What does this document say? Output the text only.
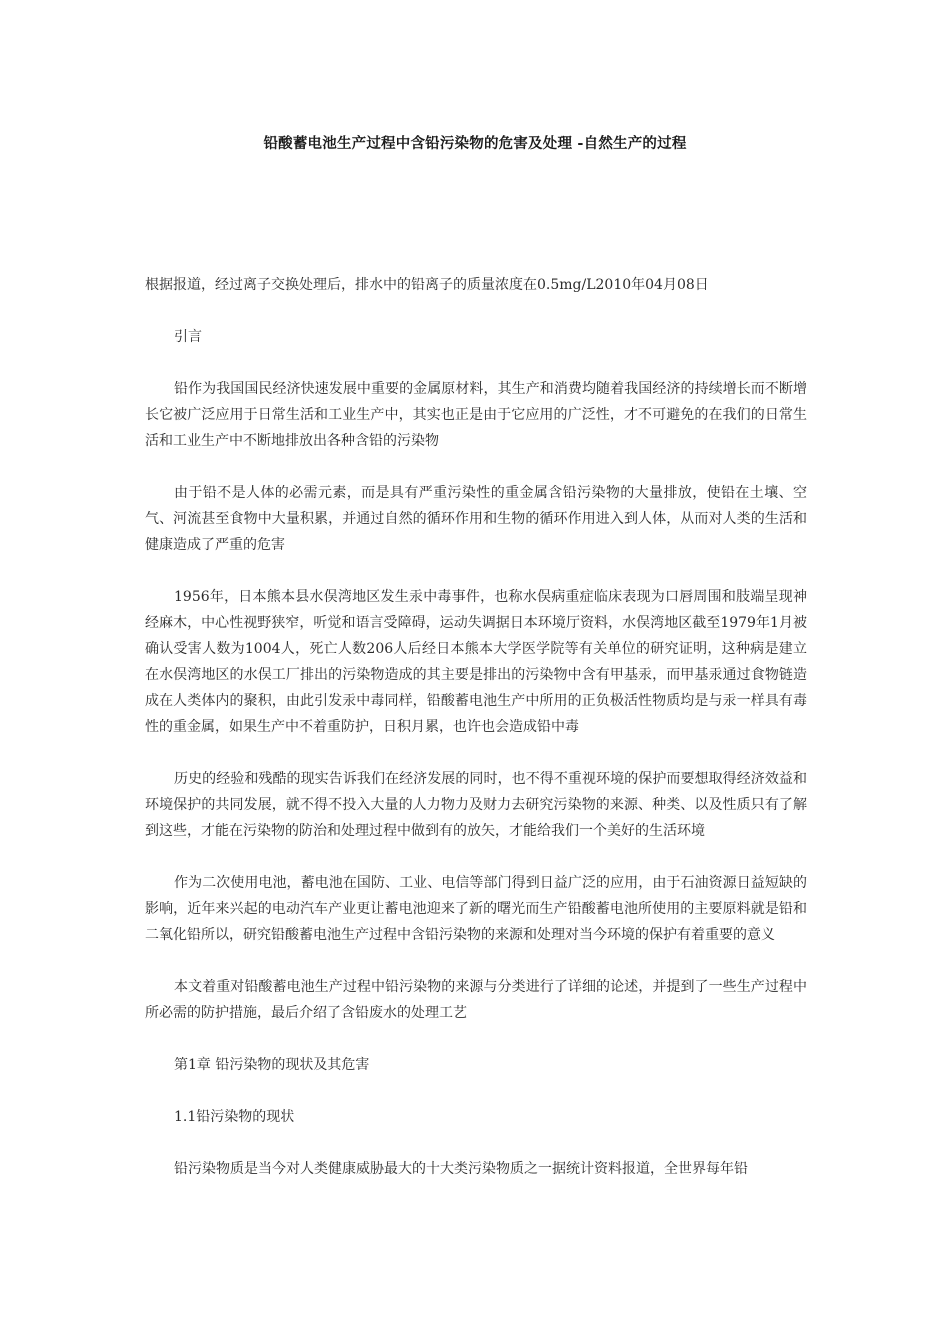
铅酸蓄电池生产过程中含铅污染物的危害及处理 -自然生产的过程

根据报道，经过离子交换处理后，排水中的铅离子的质量浓度在0.5mg/L2010年04月08日

引言

铅作为我国国民经济快速发展中重要的金属原材料，其生产和消费均随着我国经济的持续增长而不断增长它被广泛应用于日常生活和工业生产中，其实也正是由于它应用的广泛性，才不可避免的在我们的日常生活和工业生产中不断地排放出各种含铅的污染物

由于铅不是人体的必需元素，而是具有严重污染性的重金属含铅污染物的大量排放，使铅在土壤、空气、河流甚至食物中大量积累，并通过自然的循环作用和生物的循环作用进入到人体，从而对人类的生活和健康造成了严重的危害

1956年，日本熊本县水俣湾地区发生汞中毒事件，也称水俣病重症临床表现为口唇周围和肢端呈现神经麻木，中心性视野狭窄，听觉和语言受障碍，运动失调据日本环境厅资料，水俣湾地区截至1979年1月被确认受害人数为1004人，死亡人数206人后经日本熊本大学医学院等有关单位的研究证明，这种病是建立在水俣湾地区的水俣工厂排出的污染物造成的其主要是排出的污染物中含有甲基汞，而甲基汞通过食物链造成在人类体内的聚积，由此引发汞中毒同样，铅酸蓄电池生产中所用的正负极活性物质均是与汞一样具有毒性的重金属，如果生产中不着重防护，日积月累，也许也会造成铅中毒

历史的经验和残酷的现实告诉我们在经济发展的同时，也不得不重视环境的保护而要想取得经济效益和环境保护的共同发展，就不得不投入大量的人力物力及财力去研究污染物的来源、种类、以及性质只有了解到这些，才能在污染物的防治和处理过程中做到有的放矢，才能给我们一个美好的生活环境

作为二次使用电池，蓄电池在国防、工业、电信等部门得到日益广泛的应用，由于石油资源日益短缺的影响，近年来兴起的电动汽车产业更让蓄电池迎来了新的曙光而生产铅酸蓄电池所使用的主要原料就是铅和二氧化铅所以，研究铅酸蓄电池生产过程中含铅污染物的来源和处理对当今环境的保护有着重要的意义

本文着重对铅酸蓄电池生产过程中铅污染物的来源与分类进行了详细的论述，并提到了一些生产过程中所必需的防护措施，最后介绍了含铅废水的处理工艺

第1章 铅污染物的现状及其危害

1.1铅污染物的现状

铅污染物质是当今对人类健康威胁最大的十大类污染物质之一据统计资料报道，全世界每年铅
